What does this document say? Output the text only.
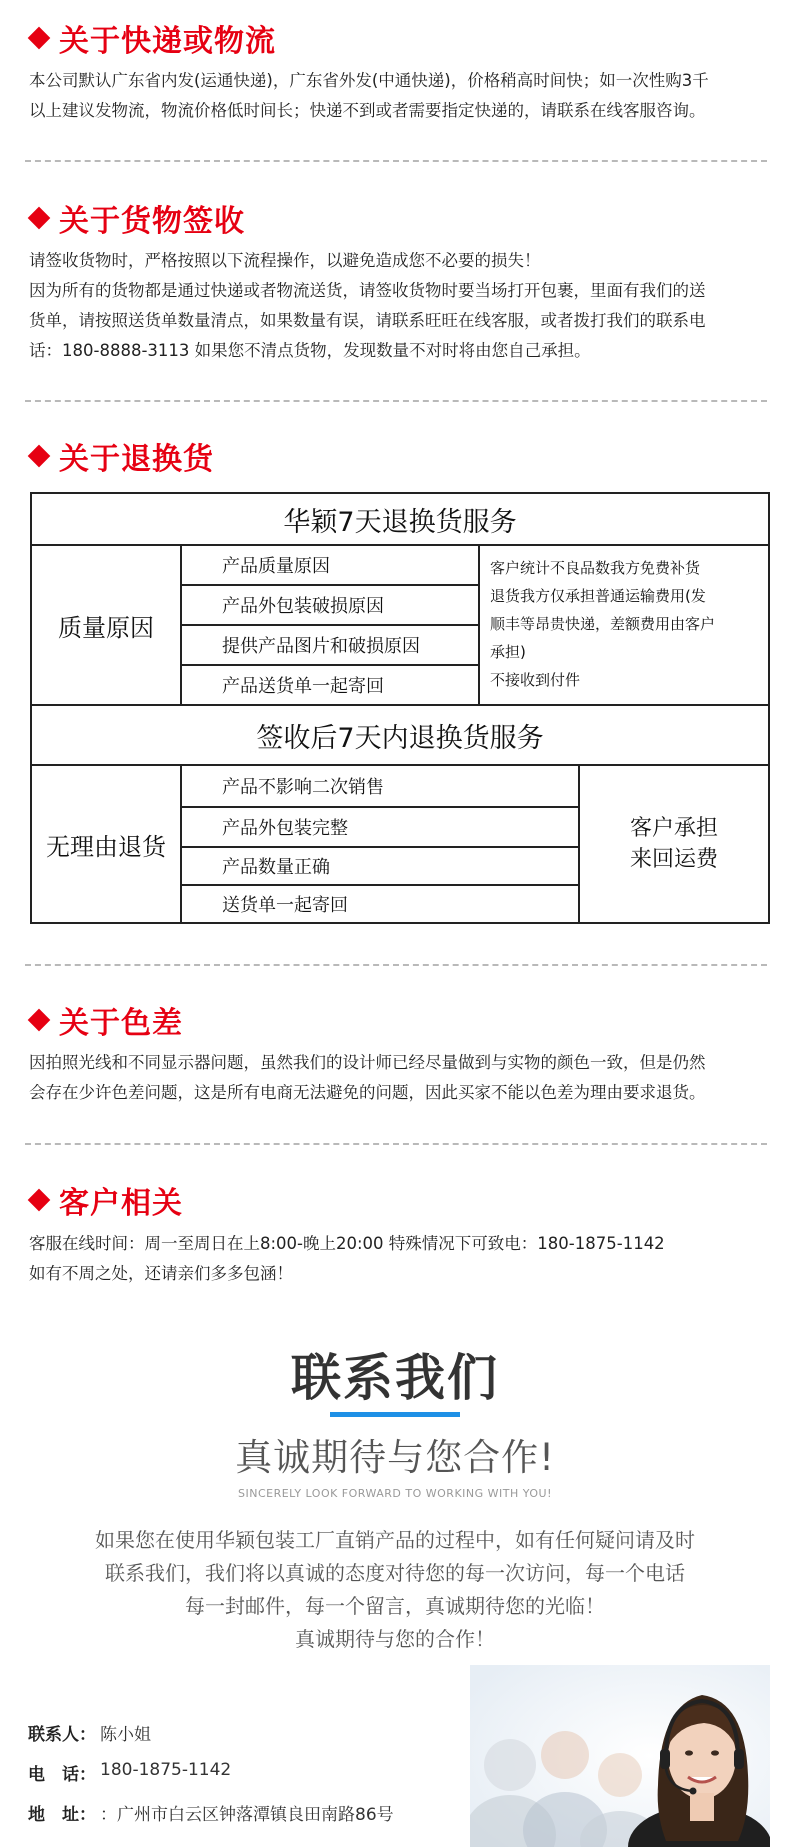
关于快递或物流
本公司默认广东省内发(运通快递)，广东省外发(中通快递)，价格稍高时间快；如一次性购3千
以上建议发物流，物流价格低时间长；快递不到或者需要指定快递的，请联系在线客服咨询。
关于货物签收
请签收货物时，严格按照以下流程操作，以避免造成您不必要的损失！
因为所有的货物都是通过快递或者物流送货，请签收货物时要当场打开包裹，里面有我们的送
货单，请按照送货单数量清点，如果数量有误，请联系旺旺在线客服，或者拨打我们的联系电
话：180-8888-3113 如果您不清点货物，发现数量不对时将由您自己承担。
关于退换货
华颖7天退换货服务
质量原因
产品质量原因
产品外包装破损原因
提供产品图片和破损原因
产品送货单一起寄回
客户统计不良品数我方免费补货
退货我方仅承担普通运输费用(发
顺丰等昂贵快递，差额费用由客户
承担)
不接收到付件
签收后7天内退换货服务
无理由退货
产品不影响二次销售
产品外包装完整
产品数量正确
送货单一起寄回
客户承担
来回运费
关于色差
因拍照光线和不同显示器问题，虽然我们的设计师已经尽量做到与实物的颜色一致，但是仍然
会存在少许色差问题，这是所有电商无法避免的问题，因此买家不能以色差为理由要求退货。
客户相关
客服在线时间：周一至周日在上8:00-晚上20:00 特殊情况下可致电：180-1875-1142
如有不周之处，还请亲们多多包涵！
联系我们
真诚期待与您合作!
SINCERELY LOOK FORWARD TO WORKING WITH YOU!
如果您在使用华颖包装工厂直销产品的过程中，如有任何疑问请及时
联系我们，我们将以真诚的态度对待您的每一次访问，每一个电话
每一封邮件，每一个留言，真诚期待您的光临！
真诚期待与您的合作！
联系人： 陈小姐
电　话： 180-1875-1142
地　址： ：广州市白云区钟落潭镇良田南路86号
